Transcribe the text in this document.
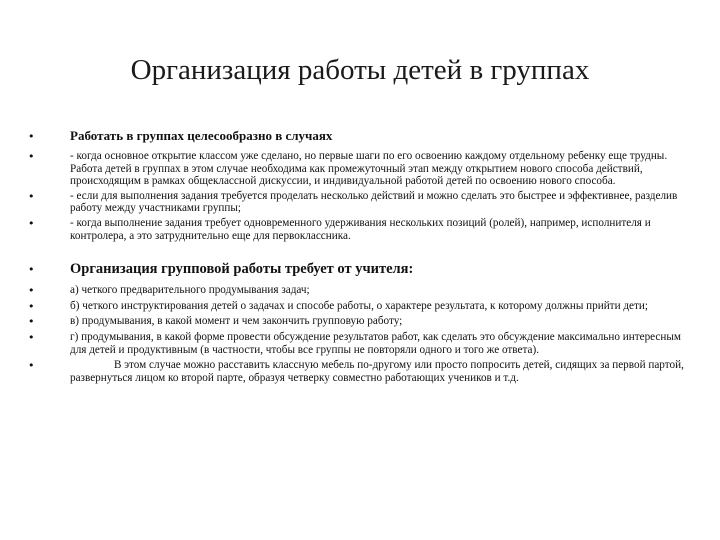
Организация работы детей в группах
•	Работать в группах целесообразно в случаях

•	- когда основное открытие классом уже сделано, но первые шаги по его освоению каждому отдельному ребенку еще трудны. Работа детей в группах в этом случае необходима как промежуточный этап между открытием нового способа действий, происходящим в рамках общеклассной дискуссии, и индивидуальной работой детей по освоению нового способа.

•	- если для выполнения задания требуется проделать несколько действий и можно сделать это быстрее и эффективнее, разделив работу между участниками группы;

•	- когда выполнение задания требует одновременного удерживания нескольких позиций (ролей), например, исполнителя и контролера, а это затруднительно еще для первоклассника.

• Организация групповой работы требует от учителя:

•	а) четкого предварительного продумывания задач;

•	б) четкого инструктирования детей о задачах и способе работы, о характере результата, к которому должны прийти дети;

•	в) продумывания, в какой момент и чем закончить групповую работу;

•	г) продумывания, в какой форме провести обсуждение результатов работ, как сделать это обсуждение максимально интересным для детей и продуктивным (в частности, чтобы все группы не повторяли одного и того же ответа).

•	В этом случае можно расставить классную мебель по-другому или просто попросить детей, сидящих за первой партой, развернуться лицом ко второй парте, образуя четверку совместно работающих учеников и т.д.
